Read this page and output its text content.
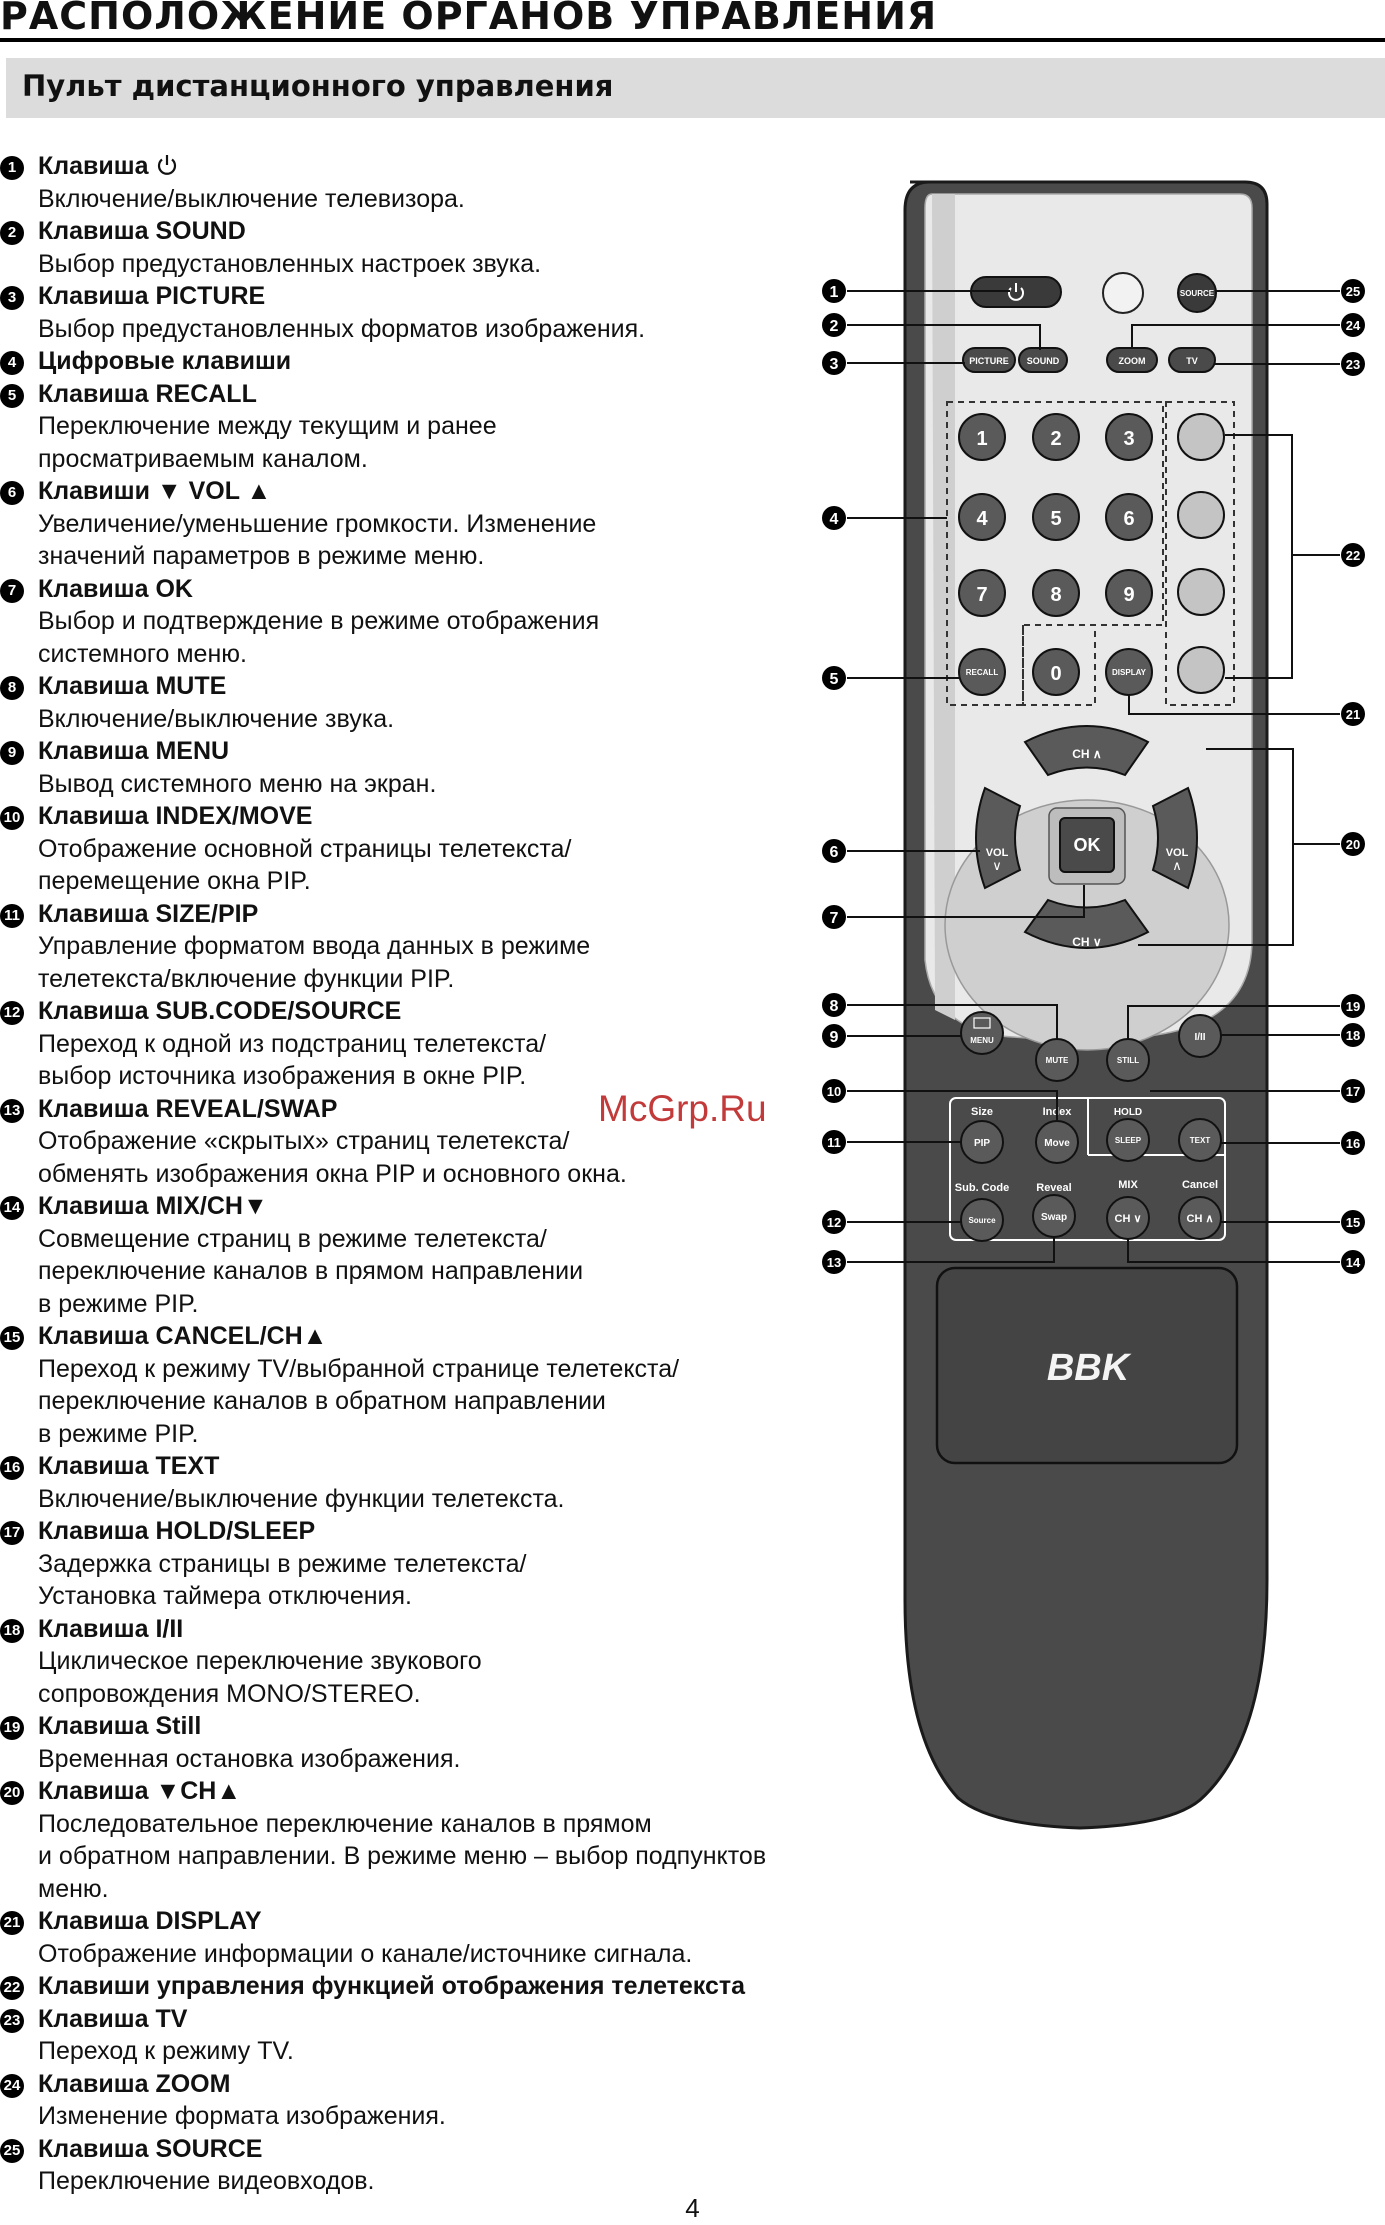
РАСПОЛОЖЕНИЕ ОРГАНОВ УПРАВЛЕНИЯ
Пульт дистанционного управления
1 Клавиша
Включение/выключение телевизора.
2 Клавиша SOUND
Выбор предустановленных настроек звука.
3 Клавиша PICTURE
Выбор предустановленных форматов изображения.
4 Цифровые клавиши
5 Клавиша RECALL
Переключение между текущим и ранее
просматриваемым каналом.
6 Клавиши ▼ VOL ▲
Увеличение/уменьшение громкости. Изменение
значений параметров в режиме меню.
7 Клавиша OK
Выбор и подтверждение в режиме отображения
системного меню.
8 Клавиша MUTE
Включение/выключение звука.
9 Клавиша MENU
Вывод системного меню на экран.
10 Клавиша INDEX/MOVE
Отображение основной страницы телетекста/
перемещение окна PIP.
11 Клавиша SIZE/PIP
Управление форматом ввода данных в режиме
телетекста/включение функции PIP.
12 Клавиша SUB.CODE/SOURCE
Переход к одной из подстраниц телетекста/
выбор источника изображения в окне PIP.
13 Клавиша REVEAL/SWAP
Отображение «скрытых» страниц телетекста/
обменять изображения окна PIP и основного окна.
14 Клавиша MIX/CH▼
Совмещение страниц в режиме телетекста/
переключение каналов в прямом направлении
в режиме PIP.
15 Клавиша CANCEL/CH▲
Переход к режиму TV/выбранной странице телетекста/
переключение каналов в обратном направлении
в режиме PIP.
16 Клавиша TEXT
Включение/выключение функции телетекста.
17 Клавиша HOLD/SLEEP
Задержка страницы в режиме телетекста/
Установка таймера отключения.
18 Клавиша I/II
Циклическое переключение звукового
сопровождения MONO/STEREO.
19 Клавиша Still
Временная остановка изображения.
20 Клавиша ▼CH▲
Последовательное переключение каналов в прямом
и обратном направлении. В режиме меню – выбор подпунктов меню.
21 Клавиша DISPLAY
Отображение информации о канале/источнике сигнала.
22 Клавиши управления функцией отображения телетекста
23 Клавиша TV
Переход к режиму TV.
24 Клавиша ZOOM
Изменение формата изображения.
25 Клавиша SOURCE
Переключение видеовходов.
McGrp.Ru
SOURCE
PICTURE SOUND	ZOOM	TV
1	2	3
4	5	6
7	8	9
RECALL	0	DISPLAY
CH ∧
CH ∨
VOL
∨
VOL
∧
OK
MENU
MUTE	STILL
I/II
Size	Index	HOLD
PIP	Move	SLEEP	TEXT
Sub. Code Reveal	MIX	Cancel
Source	Swap	CH ∨	CH ∧
BBK
1
2
3
4
5
6
7
8
9
10
11
12
13	14
15
16
17
18
19
20
21
22
23
24
25
4
